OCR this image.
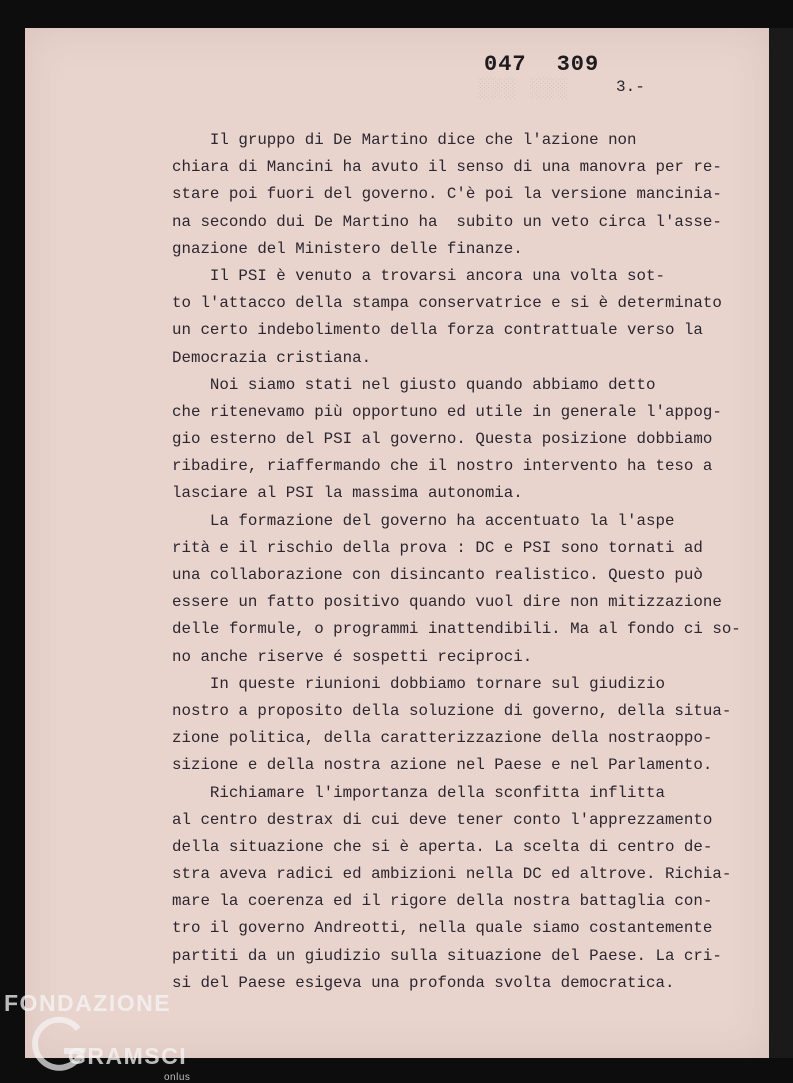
░░░ ░░░
047 309
3.-
Il gruppo di De Martino dice che l'azione non
chiara di Mancini ha avuto il senso di una manovra per re-
stare poi fuori del governo. C'è poi la versione mancinia-
na secondo dui De Martino ha  subito un veto circa l'asse-
gnazione del Ministero delle finanze.
Il PSI è venuto a trovarsi ancora una volta sot-
to l'attacco della stampa conservatrice e si è determinato
un certo indebolimento della forza contrattuale verso la
Democrazia cristiana.
Noi siamo stati nel giusto quando abbiamo detto
che ritenevamo più opportuno ed utile in generale l'appog-
gio esterno del PSI al governo. Questa posizione dobbiamo
ribadire, riaffermando che il nostro intervento ha teso a
lasciare al PSI la massima autonomia.
La formazione del governo ha accentuato la l'aspe
rità e il rischio della prova : DC e PSI sono tornati ad
una collaborazione con disincanto realistico. Questo può
essere un fatto positivo quando vuol dire non mitizzazione
delle formule, o programmi inattendibili. Ma al fondo ci so-
no anche riserve é sospetti reciproci.
In queste riunioni dobbiamo tornare sul giudizio
nostro a proposito della soluzione di governo, della situa-
zione politica, della caratterizzazione della nostraoppo-
sizione e della nostra azione nel Paese e nel Parlamento.
Richiamare l'importanza della sconfitta inflitta
al centro destrax di cui deve tener conto l'apprezzamento
della situazione che si è aperta. La scelta di centro de-
stra aveva radici ed ambizioni nella DC ed altrove. Richia-
mare la coerenza ed il rigore della nostra battaglia con-
tro il governo Andreotti, nella quale siamo costantemente
partiti da un giudizio sulla situazione del Paese. La cri-
si del Paese esigeva una profonda svolta democratica.
FONDAZIONE
GRAMSCI
onlus
